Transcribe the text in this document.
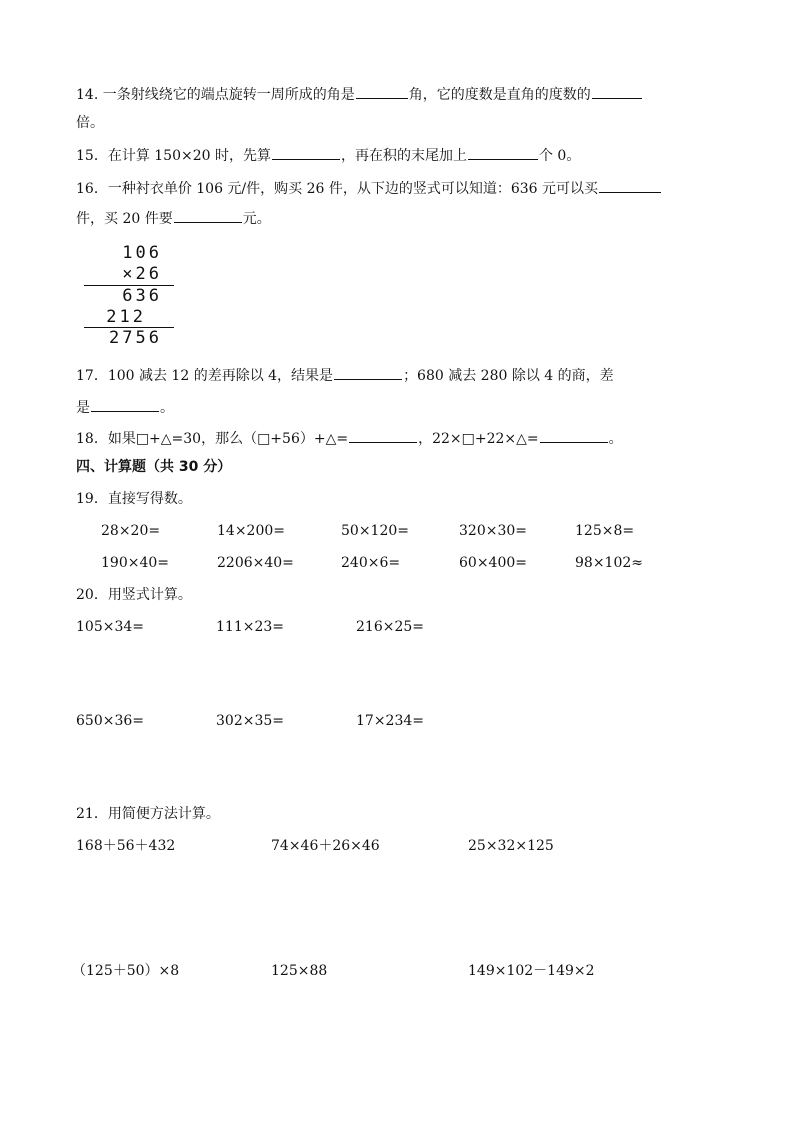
14. 一条射线绕它的端点旋转一周所成的角是	角，它的度数是直角的度数的
倍。
15．在计算 150×20 时，先算	，再在积的末尾加上	个 0。
16．一种衬衣单价 106 元/件，购买 26 件，从下边的竖式可以知道：636 元可以买
件，买 20 件要	元。
106
×26
636
212
2756
17．100 减去 12 的差再除以 4，结果是	；680 减去 280 除以 4 的商，差
是	。
18．如果□+△=30，那么（□+56）+△=	，22×□+22×△=	。
四、计算题（共 30 分）
19．直接写得数。
28×20=	14×200=	50×120=	320×30=	125×8=
190×40=	2206×40=	240×6=	60×400=	98×102≈
20．用竖式计算。
105×34=	111×23=	216×25=
650×36=	302×35=	17×234=
21．用简便方法计算。
168＋56＋432	74×46＋26×46	25×32×125
（125＋50）×8	125×88	149×102－149×2
